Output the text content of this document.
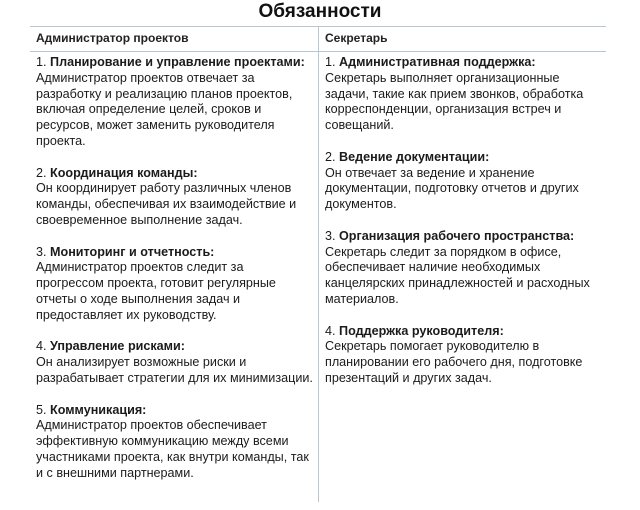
Обязанности
Администратор проектов	Секретарь
1. Планирование и управление проектами:
Администратор проектов отвечает за разработку и реализацию планов проектов, включая определение целей, сроков и ресурсов, может заменить руководителя проекта.
2. Координация команды:
Он координирует работу различных членов команды, обеспечивая их взаимодействие и своевременное выполнение задач.
3. Мониторинг и отчетность:
Администратор проектов следит за прогрессом проекта, готовит регулярные отчеты о ходе выполнения задач и предоставляет их руководству.
4. Управление рисками:
Он анализирует возможные риски и разрабатывает стратегии для их минимизации.
5. Коммуникация:
Администратор проектов обеспечивает эффективную коммуникацию между всеми участниками проекта, как внутри команды, так и с внешними партнерами.
1. Административная поддержка:
Секретарь выполняет организационные задачи, такие как прием звонков, обработка корреспонденции, организация встреч и совещаний.
2. Ведение документации:
Он отвечает за ведение и хранение документации, подготовку отчетов и других документов.
3. Организация рабочего пространства:
Секретарь следит за порядком в офисе, обеспечивает наличие необходимых канцелярских принадлежностей и расходных материалов.
4. Поддержка руководителя:
Секретарь помогает руководителю в планировании его рабочего дня, подготовке презентаций и других задач.
